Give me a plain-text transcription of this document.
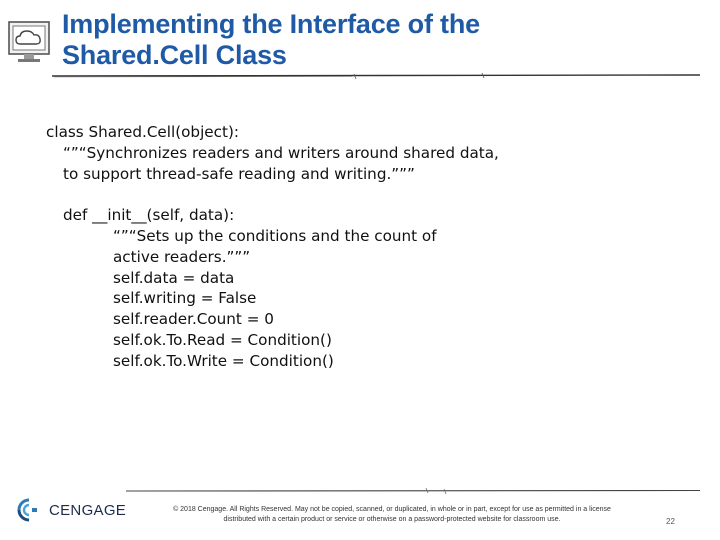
Implementing the Interface of the
Shared.Cell Class
class Shared.Cell(object):
“”“Synchronizes readers and writers around shared data,
to support thread-safe reading and writing.”””
def __init__(self, data):
“”“Sets up the conditions and the count of
active readers.”””
self.data = data
self.writing = False
self.reader.Count = 0
self.ok.To.Read = Condition()
self.ok.To.Write = Condition()
CENGAGE	© 2018 Cengage. All Rights Reserved. May not be copied, scanned, or duplicated, in whole or in part, except for use as permitted in a license
distributed with a certain product or service or otherwise on a password-protected website for classroom use.	22
